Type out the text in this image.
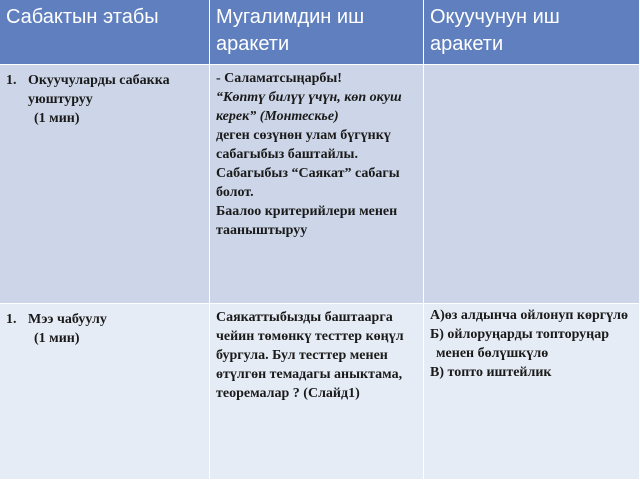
Сабактын этабы	Мугалимдин иш аракети
Окуучунун иш аракети
1. Окуучуларды сабакка уюштуруу
(1 мин)
- Саламатсыңарбы!
“Көптү билүү үчүн, көп окуш керек” (Монтескье)
деген сөзүнөн улам бүгүнкү сабагыбыз баштайлы.
Сабагыбыз “Саякат” сабагы болот.
Баалоо критерийлери менен тааныштыруу
1. Мээ чабуулу
(1 мин)
Саякаттыбызды баштаарга чейин төмөнкү тесттер көңүл бургула. Бул тесттер менен өтүлгөн темадагы аныктама, теоремалар ? (Слайд1)
А)өз алдынча ойлонуп көргүлө
Б) ойлоруңарды топторуңар
менен бөлүшкүлө
В) топто иштейлик
